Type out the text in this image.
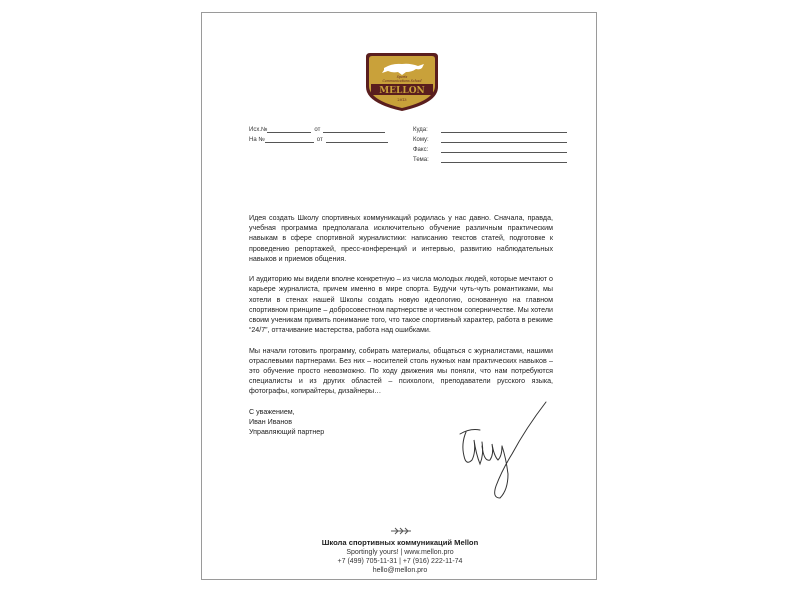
Sports
Communications School
MELLON
2013
Исх.№	от
На №	от
Куда:
Кому:
Факс:
Тема:

Идея создать Школу спортивных коммуникаций родилась у нас давно. Сначала, правда, учебная программа предполагала исключительно обучение различным практическим навыкам в сфере спортивной журналистики: написанию текстов статей, подготовке к проведению репортажей, пресс-конференций и интервью, развитию наблюдательных навыков и приемов общения.

И аудиторию мы видели вполне конкретную – из числа молодых людей, которые мечтают о карьере журналиста, причем именно в мире спорта. Будучи чуть-чуть романтиками, мы хотели в стенах нашей Школы создать новую идеологию, основанную на главном спортивном принципе – добросовестном партнерстве и честном соперничестве. Мы хотели своим ученикам привить понимание того, что такое спортивный характер, работа в режиме “24/7”, оттачивание мастерства, работа над ошибками.

Мы начали готовить программу, собирать материалы, общаться с журналистами, нашими отраслевыми партнерами. Без них – носителей столь нужных нам практических навыков – это обучение просто невозможно. По ходу движения мы поняли, что нам потребуются специалисты и из других областей – психологи, преподаватели русского языка, фотографы, копирайтеры, дизайнеры…

С уважением,
Иван Иванов
Управляющий партнер
Школа спортивных коммуникаций Mellon
Sportingly yours! | www.mellon.pro
+7 (499) 705-11-31 | +7 (916) 222-11-74
hello@mellon.pro
